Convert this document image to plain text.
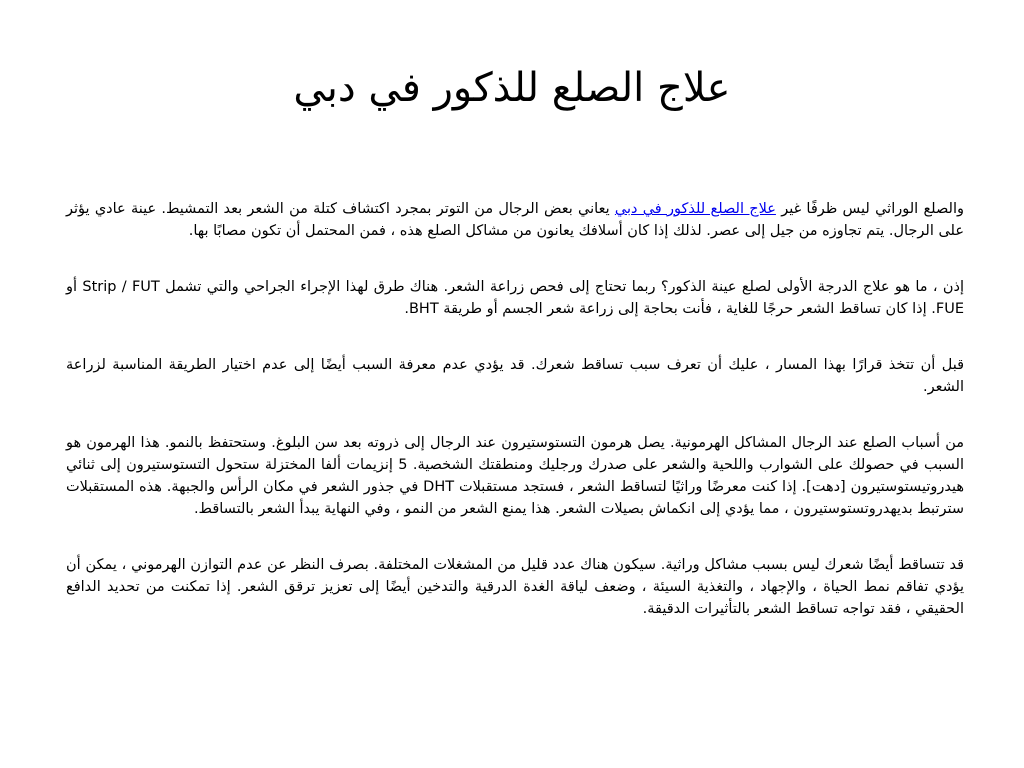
علاج الصلع للذكور في دبي

والصلع الوراثي ليس ظرفًا غير علاج الصلع للذكور في دبي يعاني بعض الرجال من التوتر بمجرد اكتشاف كتلة من الشعر بعد التمشيط. عينة عادي يؤثر على الرجال. يتم تجاوزه من جيل إلى عصر. لذلك إذا كان أسلافك يعانون من مشاكل الصلع هذه ، فمن المحتمل أن تكون مصابًا بها.

إذن ، ما هو علاج الدرجة الأولى لصلع عينة الذكور؟ ربما تحتاج إلى فحص زراعة الشعر. هناك طرق لهذا الإجراء الجراحي والتي تشمل Strip / FUT أو FUE. إذا كان تساقط الشعر حرجًا للغاية ، فأنت بحاجة إلى زراعة شعر الجسم أو طريقة BHT.

قبل أن تتخذ قرارًا بهذا المسار ، عليك أن تعرف سبب تساقط شعرك. قد يؤدي عدم معرفة السبب أيضًا إلى عدم اختيار الطريقة المناسبة لزراعة الشعر.

من أسباب الصلع عند الرجال المشاكل الهرمونية. يصل هرمون التستوستيرون عند الرجال إلى ذروته بعد سن البلوغ. وستحتفظ بالنمو. هذا الهرمون هو السبب في حصولك على الشوارب واللحية والشعر على صدرك ورجليك ومنطقتك الشخصية. 5 إنزيمات ألفا المختزلة ستحول التستوستيرون إلى ثنائي هيدروتيستوستيرون [دهت]. إذا كنت معرضًا وراثيًا لتساقط الشعر ، فستجد مستقبلات DHT في جذور الشعر في مكان الرأس والجبهة. هذه المستقبلات سترتبط بديهدروتستوستيرون ، مما يؤدي إلى انكماش بصيلات الشعر. هذا يمنع الشعر من النمو ، وفي النهاية يبدأ الشعر بالتساقط.

قد تتساقط أيضًا شعرك ليس بسبب مشاكل وراثية. سيكون هناك عدد قليل من المشغلات المختلفة. بصرف النظر عن عدم التوازن الهرموني ، يمكن أن يؤدي تفاقم نمط الحياة ، والإجهاد ، والتغذية السيئة ، وضعف لياقة الغدة الدرقية والتدخين أيضًا إلى تعزيز ترقق الشعر. إذا تمكنت من تحديد الدافع الحقيقي ، فقد تواجه تساقط الشعر بالتأثيرات الدقيقة.
